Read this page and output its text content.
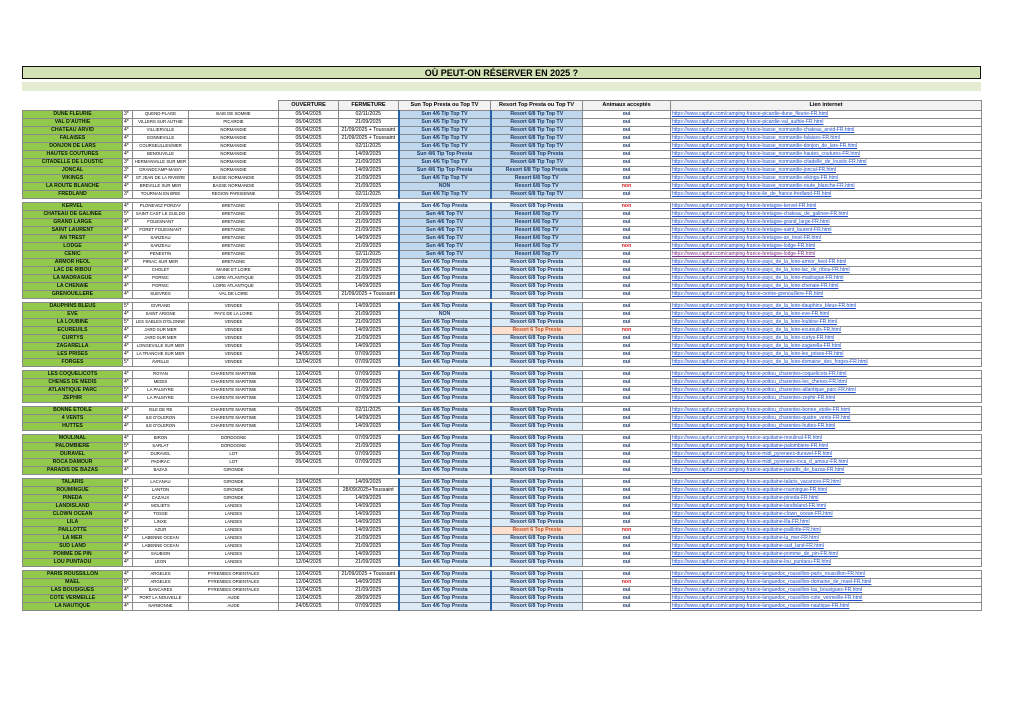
OÙ PEUT-ON RÉSERVER EN 2025 ?
				OUVERTURE	FERMETURE	Sun Top Presta ou Top TV	Resort Top Presta ou Top TV	Animaux acceptés	Lien internet
DUNE FLEURIE	3*	QUEND-PLAGE	BAIE DE SOMME	05/04/2025	02/11/2025	Sun 4/6 Tip Top TV	Resort 6/8 Tip Top TV	oui	https://www.capfun.com/camping-france-picardie-dune_fleurie-FR.html
VAL D'AUTHIE	4*	VILLERS SUR AUTHIE	PICARDIE	05/04/2025	21/09/2025	Sun 4/6 Tip Top TV	Resort 6/8 Tip Top TV	oui	https://www.capfun.com/camping-france-picardie-val_authie-FR.html
CHÂTEAU ARVID	4*	VILLIERVILLE	NORMANDIE	05/04/2025	21/09/2025 + Toussaint	Sun 4/6 Tip Top TV	Resort 6/8 Tip Top TV	oui	https://www.capfun.com/camping-france-basse_normandie-chateau_arvid-FR.html
FALAISES	4*	GONNEVILLE	NORMANDIE	05/04/2025	21/09/2025 + Toussaint	Sun 4/6 Tip Top TV	Resort 6/8 Tip Top TV	oui	https://www.capfun.com/camping-france-basse_normandie-falaises-FR.html
DONJON DE LARS	4*	COURSEULLES/MER	NORMANDIE	05/04/2025	02/11/2025	Sun 4/6 Tip Top TV	Resort 6/8 Tip Top TV	oui	https://www.capfun.com/camping-france-basse_normandie-donjon_de_lars-FR.html
HAUTES COUTURES	4*	BENOUVILLE	NORMANDIE	05/04/2025	14/09/2025	Sun 4/6 Tip Top Presta	Resort 6/8 Top Presta	oui	https://www.capfun.com/camping-france-basse_normandie-hautes_coutures-FR.html
CITADELLE DE LOUSTIC	3*	HERMANVILLE SUR MER	NORMANDIE	05/04/2025	21/09/2025	Sun 4/6 Tip Top TV	Resort 6/8 Tip Top TV	oui	https://www.capfun.com/camping-france-basse_normandie-citadelle_de_loustic-FR.html
JONCAL	3*	GRANDCAMP-MAISY	NORMANDIE	05/04/2025	14/09/2025	Sun 4/6 Tip Top Presta	Resort 6/8 Tip Top Presta	oui	https://www.capfun.com/camping-france-basse_normandie-joncal-FR.html
VIKINGS	4*	ST JEAN DE LA RIVIERE	BASSE NORMANDIE	05/04/2025	21/09/2025	Sun 4/6 Tip Top TV	Resort 6/8 Top TV	oui	https://www.capfun.com/camping-france-basse_normandie-vikings-FR.html
LA ROUTE BLANCHE	4*	BREVILLE SUR MER	BASSE NORMANDIE	05/04/2025	21/09/2025	NON	Resort 6/8 Top TV	non	https://www.capfun.com/camping-france-basse_normandie-route_blanche-FR.html
FREDLAND	3*	TOURNAN EN BRIE	REGION PARISIENNE	05/04/2025	02/11/2025	Sun 4/6 Tip Top TV	Resort 6/8 Tip Top TV	oui	https://www.capfun.com/camping-france-ile_de_france-fredland-FR.html

KERVEL	4*	PLONEVEZ PORZAY	BRETAGNE	05/04/2025	21/09/2025	Sun 4/6 Top Presta	Resort 6/8 Top Presta	non	https://www.capfun.com/camping-france-bretagne-kervel-FR.html
CHATEAU DE GALINEE	5*	SAINT CAST LE GUILDO	BRETAGNE	05/04/2025	21/09/2025	Sun 4/6 Top TV	Resort 6/8 Top TV	oui	https://www.capfun.com/camping-france-bretagne-chateau_de_galinee-FR.html
GRAND LARGE	4*	FOUESNANT	BRETAGNE	05/04/2025	21/09/2025	Sun 4/6 Top TV	Resort 6/8 Top TV	oui	https://www.capfun.com/camping-france-bretagne-grand_large-FR.html
SAINT LAURENT	4*	FORET FOUESNANT	BRETAGNE	05/04/2025	21/09/2025	Sun 4/6 Top TV	Resort 6/8 Top TV	oui	https://www.capfun.com/camping-france-bretagne-saint_laurent-FR.html
AN TREST	4*	SARZEAU	BRETAGNE	05/04/2025	14/09/2025	Sun 4/6 Top TV	Resort 6/8 Top TV	oui	https://www.capfun.com/camping-france-bretagne-an_trest-FR.html
LODGE	4*	SARZEAU	BRETAGNE	05/04/2025	21/09/2025	Sun 4/6 Top TV	Resort 6/8 Top TV	non	https://www.capfun.com/camping-france-bretagne-lodge-FR.html
CENIC	4*	PENESTIN	BRETAGNE	05/04/2025	02/11/2025	Sun 4/6 Top TV	Resort 6/8 Top TV	oui	https://www.capfun.com/camping-france-bretagne-lodge-FR.html
ARMOR HEOL	4*	PIRIAC SUR MER	BRETAGNE	05/04/2025	21/09/2025	Sun 4/6 Top Presta	Resort 6/8 Top Presta	oui	https://www.capfun.com/camping-france-pays_de_la_loire-armor_heol-FR.html
LAC DE RIBOU	4*	CHOLET	MAINE ET LOIRE	05/04/2025	21/09/2025	Sun 4/6 Top Presta	Resort 6/8 Top Presta	oui	https://www.capfun.com/camping-france-pays_de_la_loire-lac_de_ribou-FR.html
LA MADRAGUE	4*	PORNIC	LOIRE ATLANTIQUE	05/04/2025	21/09/2025	Sun 4/6 Top Presta	Resort 6/8 Top Presta	oui	https://www.capfun.com/camping-france-pays_de_la_loire-madrague-FR.html
LA CHENAIE	4*	PORNIC	LOIRE ATLANTIQUE	05/04/2025	14/09/2025	Sun 4/6 Top Presta	Resort 6/8 Top Presta	oui	https://www.capfun.com/camping-france-pays_de_la_loire-chenaie-FR.html
GRENOUILLERE	4*	SUEVRES	VAL DE LOIRE	05/04/2025	21/09/2025 + Toussaint	Sun 4/6 Top Presta	Resort 6/8 Top Presta	oui	https://www.capfun.com/camping-france-centre-grenouillere-FR.html

DAUPHINS BLEUS	5*	GIVRAND	VENDEE	05/04/2025	14/09/2025	Sun 4/6 Top Presta	Resort 6/8 Top Presta	oui	https://www.capfun.com/camping-france-pays_de_la_loire-dauphins_bleus-FR.html
EVE	4*	SAINT ARIGNE	PAYS DE LA LOIRE	05/04/2025	21/09/2025	NON	Resort 6/8 Top Presta	oui	https://www.capfun.com/camping-france-pays_de_la_loire-eve-FR.html
LA LOUBINE	5*	LES SABLES D'OLONNE	VENDEE	05/04/2025	21/09/2025	Sun 4/6 Top Presta	Resort 6/8 Top Presta	oui	https://www.capfun.com/camping-france-pays_de_la_loire-loubine-FR.html
ECUREUILS	4*	JARD SUR MER	VENDEE	05/04/2025	14/09/2025	Sun 4/6 Top Presta	Resort 6 Top Presta	non	https://www.capfun.com/camping-france-pays_de_la_loire-ecureuils-FR.html
CURTYS	4*	JARD SUR MER	VENDEE	05/04/2025	21/09/2025	Sun 4/6 Top Presta	Resort 6/8 Top Presta	oui	https://www.capfun.com/camping-france-pays_de_la_loire-curtys-FR.html
ZAGARELLA	4*	LONGEVILLE SUR MER	VENDEE	05/04/2025	14/09/2025	Sun 4/6 Top Presta	Resort 6/8 Top Presta	oui	https://www.capfun.com/camping-france-pays_de_la_loire-zagarella-FR.html
LES PRISES	4*	LA TRANCHE SUR MER	VENDEE	24/05/2025	07/09/2025	Sun 4/6 Top Presta	Resort 6/8 Top Presta	oui	https://www.capfun.com/camping-france-pays_de_la_loire-les_prises-FR.html
FORGES	5*	AVRILLE	VENDEE	12/04/2025	07/09/2025	Sun 4/6 Top Presta	Resort 6/8 Top Presta	oui	https://www.capfun.com/camping-france-pays_de_la_loire-domaine_des_forges-FR.html

LES COQUELICOTS	4*	ROYAN	CHARENTE MARITIME	12/04/2025	07/09/2025	Sun 4/6 Top Presta	Resort 6/8 Top Presta	oui	https://www.capfun.com/camping-france-poitou_charentes-coquelicots-FR.html
CHENES DE MEDIS	4*	MEDIS	CHARENTE MARITIME	05/04/2025	07/09/2025	Sun 4/6 Top Presta	Resort 6/8 Top Presta	oui	https://www.capfun.com/camping-france-poitou_charentes-les_chenes-FR.html
ATLANTIQUE PARC	5*	LA PALMYRE	CHARENTE MARITIME	12/04/2025	21/09/2025	Sun 4/6 Top Presta	Resort 6/8 Top Presta	oui	https://www.capfun.com/camping-france-poitou_charentes-atlantique_parc-FR.html
ZEPHIR	4*	LA PALMYRE	CHARENTE MARITIME	12/04/2025	07/09/2025	Sun 4/6 Top Presta	Resort 6/8 Top Presta	oui	https://www.capfun.com/camping-france-poitou_charentes-zephir-FR.html

BONNE ETOILE	4*	ISLE DE RE	CHARENTE MARITIME	05/04/2025	02/11/2025	Sun 4/6 Top Presta	Resort 6/8 Top Presta	oui	https://www.capfun.com/camping-france-poitou_charentes-bonne_etoile-FR.html
4 VENTS	4*	ILE D'OLERON	CHARENTE MARITIME	19/04/2025	14/09/2025	Sun 4/6 Top Presta	Resort 6/8 Top Presta	oui	https://www.capfun.com/camping-france-poitou_charentes-quatre_vents-FR.html
HUTTES	4*	ILE D'OLERON	CHARENTE MARITIME	12/04/2025	14/09/2025	Sun 4/6 Top Presta	Resort 6/8 Top Presta	oui	https://www.capfun.com/camping-france-poitou_charentes-huttes-FR.html

MOULINAL	4*	BIRON	DORDOGNE	19/04/2025	07/09/2025	Sun 4/6 Top Presta	Resort 6/8 Top Presta	oui	https://www.capfun.com/camping-france-aquitaine-moulinal-FR.html
PALOMBIERE	5*	SARLAT	DORDOGNE	05/04/2025	21/09/2025	Sun 4/6 Top Presta	Resort 6/8 Top Presta	oui	https://www.capfun.com/camping-france-aquitaine-palombiere-FR.html
DURAVEL	4*	DURAVEL	LOT	05/04/2025	07/09/2025	Sun 4/6 Top Presta	Resort 6/8 Top Presta	oui	https://www.capfun.com/camping-france-midi_pyrenees-duravel-FR.html
ROCA DAMOUR	4*	PADIRAC	LOT	05/04/2025	07/09/2025	Sun 4/6 Top Presta	Resort 6/8 Top Presta	oui	https://www.capfun.com/camping-france-midi_pyrenees-roca_d_amour-FR.html
PARADIS DE BAZAS	4*	BAZAS	GIRONDE			Sun 4/6 Top Presta	Resort 6/8 Top Presta	oui	https://www.capfun.com/camping-france-aquitaine-paradis_de_bazas-FR.html

TALARIS	4*	LACANAU	GIRONDE	19/04/2025	14/09/2025	Sun 4/6 Top Presta	Resort 6/8 Top Presta	oui	https://www.capfun.com/camping-france-aquitaine-talaris_vacances-FR.html
ROUMINGUE	5*	LANTON	GIRONDE	12/04/2025	28/09/2025+Toussaint	Sun 4/6 Top Presta	Resort 6/8 Top Presta	oui	https://www.capfun.com/camping-france-aquitaine-roumingue-FR.html
PINEDA	4*	CAZAUX	GIRONDE	12/04/2025	14/09/2025	Sun 4/6 Top Presta	Resort 6/8 Top Presta	oui	https://www.capfun.com/camping-france-aquitaine-pineda-FR.html
LANDISLAND	4*	MOLIETS	LANDES	12/04/2025	14/09/2025	Sun 4/6 Top Presta	Resort 6/8 Top Presta	oui	https://www.capfun.com/camping-france-aquitaine-landisland-FR.html
CLOWN OCEAN	4*	TOSSE	LANDES	12/04/2025	14/09/2025	Sun 4/6 Top Presta	Resort 6/8 Top Presta	oui	https://www.capfun.com/camping-france-aquitaine-clown_ocean-FR.html
LILA	4*	LINXE	LANDES	12/04/2025	14/09/2025	Sun 4/6 Top Presta	Resort 6/8 Top Presta	oui	https://www.capfun.com/camping-france-aquitaine-lila-FR.html
PAILLOTTE	5*	AZUR	LANDES	12/04/2025	14/09/2025	Sun 4/6 Top Presta	Resort 6 Top Presta	non	https://www.capfun.com/camping-france-aquitaine-paillotte-FR.html
LA MER	4*	LABENNE OCEAN	LANDES	12/04/2025	21/09/2025	Sun 4/6 Top Presta	Resort 6/8 Top Presta	oui	https://www.capfun.com/camping-france-aquitaine-la_mer-FR.html
SUD LAND	4*	LABENNE OCEAN	LANDES	12/04/2025	21/09/2025	Sun 4/6 Top Presta	Resort 6/8 Top Presta	oui	https://www.capfun.com/camping-france-aquitaine-sud_land-FR.html
POMME DE PIN	4*	SAUBION	LANDES	12/04/2025	14/09/2025	Sun 4/6 Top Presta	Resort 6/8 Top Presta	oui	https://www.capfun.com/camping-france-aquitaine-pomme_de_pin-FR.html
LOU PUNTAOU	4*	LEON	LANDES	12/04/2025	21/09/2025	Sun 4/6 Top Presta	Resort 6/8 Top Presta	oui	https://www.capfun.com/camping-france-aquitaine-lou_puntaou-FR.html

PARIS ROUSSILLON	4*	ARGELES	PYRENEES ORIENTALES	12/04/2025	21/09/2025 + Toussaint	Sun 4/6 Top Presta	Resort 6/8 Top Presta	oui	https://www.capfun.com/camping-france-languedoc_roussillon-paris_roussillon-FR.html
MAEL	5*	ARGELES	PYRENEES ORIENTALES	12/04/2025	14/09/2025	Sun 4/6 Top Presta	Resort 6/8 Top Presta	non	https://www.capfun.com/camping-france-languedoc_roussillon-domaine_de_mael-FR.html
LAS BOUSIGUES	4*	BANCARES	PYRENEES ORIENTALES	12/04/2025	21/09/2025	Sun 4/6 Top Presta	Resort 6/8 Top Presta	oui	https://www.capfun.com/camping-france-languedoc_roussillon-las_bousigues-FR.html
COTE VERMEILLE	4*	PORT LA NOUVELLE	AUDE	12/04/2025	28/09/2025	Sun 4/6 Top Presta	Resort 6/8 Top Presta	oui	https://www.capfun.com/camping-france-languedoc_roussillon-cote_vermeille-FR.html
LA NAUTIQUE	4*	NARBONNE	AUDE	24/05/2025	07/09/2025	Sun 4/6 Top Presta	Resort 6/8 Top Presta	oui	https://www.capfun.com/camping-france-languedoc_roussillon-nautique-FR.html
